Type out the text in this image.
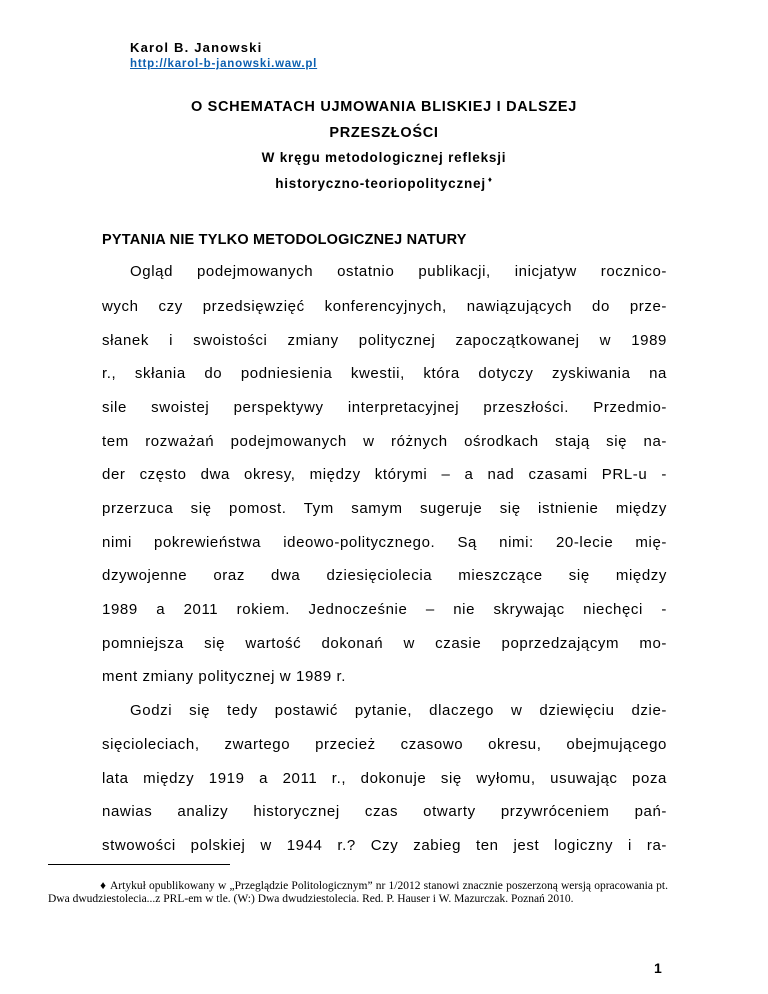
Karol B. Janowski
http://karol-b-janowski.waw.pl
O SCHEMATACH UJMOWANIA BLISKIEJ I DALSZEJ
PRZESZŁOŚCI
W kręgu metodologicznej refleksji
historyczno-teoriopolitycznej ♦
PYTANIA NIE TYLKO METODOLOGICZNEJ NATURY
Ogląd podejmowanych ostatnio publikacji, inicjatyw rocznico-
wych czy przedsięwzięć konferencyjnych, nawiązujących do prze-
słanek i swoistości zmiany politycznej zapoczątkowanej w 1989
r., skłania do podniesienia kwestii, która dotyczy zyskiwania na
sile swoistej perspektywy interpretacyjnej przeszłości. Przedmio-
tem rozważań podejmowanych w różnych ośrodkach stają się na-
der często dwa okresy, między którymi – a nad czasami PRL-u -
przerzuca się pomost. Tym samym sugeruje się istnienie między
nimi pokrewieństwa ideowo-politycznego. Są nimi: 20-lecie mię-
dzywojenne oraz dwa dziesięciolecia mieszczące się między
1989 a 2011 rokiem. Jednocześnie – nie skrywając niechęci -
pomniejsza się wartość dokonań w czasie poprzedzającym mo-
ment zmiany politycznej w 1989 r.
Godzi się tedy postawić pytanie, dlaczego w dziewięciu dzie-
sięcioleciach, zwartego przecież czasowo okresu, obejmującego
lata między 1919 a 2011 r., dokonuje się wyłomu, usuwając poza
nawias analizy historycznej czas otwarty przywróceniem pań-
stwowości polskiej w 1944 r.? Czy zabieg ten jest logiczny i ra-
♦ Artykuł opublikowany w „Przeglądzie Politologicznym” nr 1/2012 stanowi znacznie poszerzoną wersją opracowania pt. Dwa dwudziestolecia...z PRL-em w tle. (W:) Dwa dwudziestolecia. Red. P. Hauser i W. Mazurczak. Poznań 2010.
1
